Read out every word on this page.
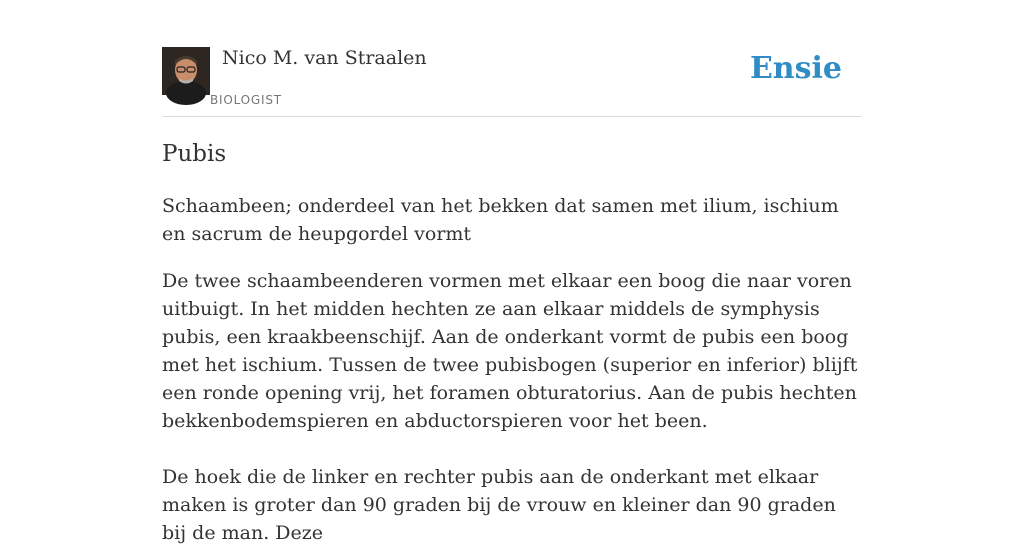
Nico M. van Straalen
BIOLOGIST
Ensie
Pubis

Schaambeen; onderdeel van het bekken dat samen met ilium, ischium en sacrum de heupgordel vormt

De twee schaambeenderen vormen met elkaar een boog die naar voren uitbuigt. In het midden hechten ze aan elkaar middels de symphysis pubis, een kraakbeenschijf. Aan de onderkant vormt de pubis een boog met het ischium. Tussen de twee pubisbogen (superior en inferior) blijft een ronde opening vrij, het foramen obturatorius. Aan de pubis hechten bekkenbodemspieren en abductorspieren voor het been.

De hoek die de linker en rechter pubis aan de onderkant met elkaar maken is groter dan 90 graden bij de vrouw en kleiner dan 90 graden bij de man. Deze
